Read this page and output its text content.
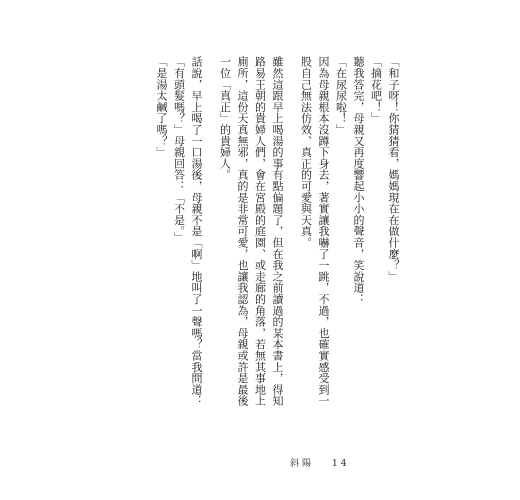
「和子呀！你猜猜看，媽媽現在在做什麼？」

「摘花吧！」

聽我答完，母親又再度響起小小的聲音，笑說道：

「在尿尿啦！」

因為母親根本沒蹲下身去，著實讓我嚇了一跳，不過，也確實感受到一股自己無法仿效、真正的可愛與天真。

雖然這跟早上喝湯的事有點偏題了，但在我之前讀過的某本書上，得知路易王朝的貴婦人們，會在宮殿的庭園、或走廊的角落，若無其事地上廁所，這份天真無邪，真的是非常可愛，也讓我認為，母親或許是最後一位「真正」的貴婦人。

話說，早上喝了一口湯後，母親不是「啊」地叫了一聲嗎？當我問道：「有頭髮嗎？」母親回答：「不是。」

「是湯太鹹了嗎？」

斜陽 14
